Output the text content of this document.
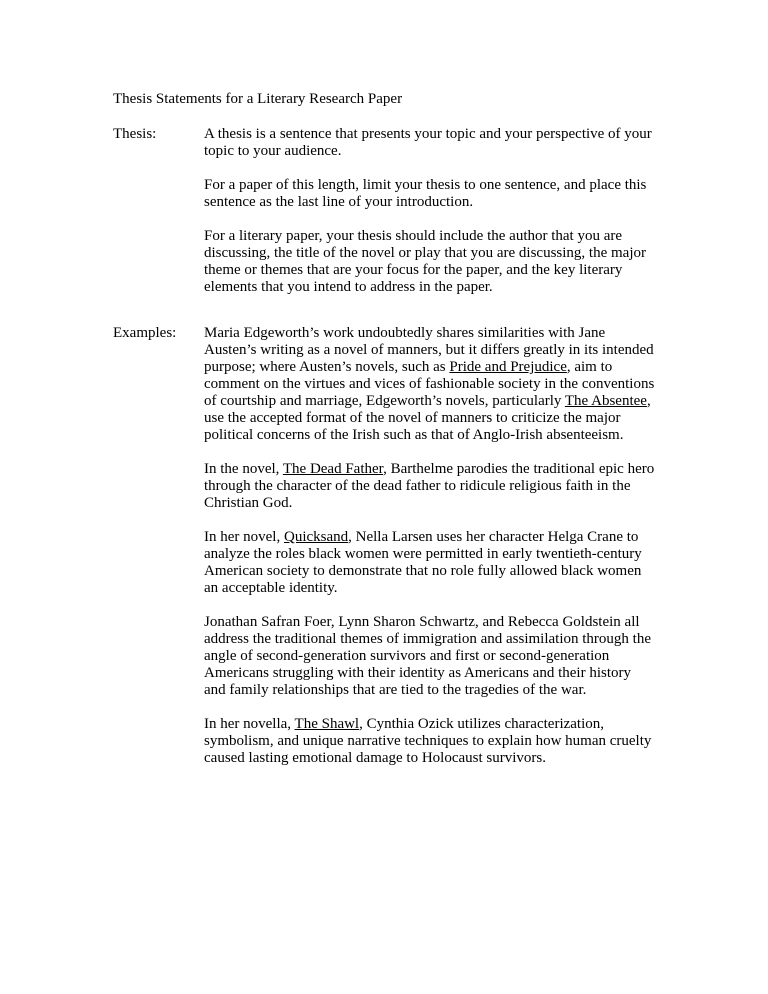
Thesis Statements for a Literary Research Paper
Thesis:	A thesis is a sentence that presents your topic and your perspective of your topic to your audience.

For a paper of this length, limit your thesis to one sentence, and place this sentence as the last line of your introduction.

For a literary paper, your thesis should include the author that you are discussing, the title of the novel or play that you are discussing, the major theme or themes that are your focus for the paper, and the key literary elements that you intend to address in the paper.

Examples:	Maria Edgeworth’s work undoubtedly shares similarities with Jane Austen’s writing as a novel of manners, but it differs greatly in its intended purpose; where Austen’s novels, such as Pride and Prejudice, aim to comment on the virtues and vices of fashionable society in the conventions of courtship and marriage, Edgeworth’s novels, particularly The Absentee, use the accepted format of the novel of manners to criticize the major political concerns of the Irish such as that of Anglo-Irish absenteeism.

In the novel, The Dead Father, Barthelme parodies the traditional epic hero through the character of the dead father to ridicule religious faith in the Christian God.

In her novel, Quicksand, Nella Larsen uses her character Helga Crane to analyze the roles black women were permitted in early twentieth-century American society to demonstrate that no role fully allowed black women an acceptable identity.

Jonathan Safran Foer, Lynn Sharon Schwartz, and Rebecca Goldstein all address the traditional themes of immigration and assimilation through the angle of second-generation survivors and first or second-generation Americans struggling with their identity as Americans and their history and family relationships that are tied to the tragedies of the war.

In her novella, The Shawl, Cynthia Ozick utilizes characterization, symbolism, and unique narrative techniques to explain how human cruelty caused lasting emotional damage to Holocaust survivors.
